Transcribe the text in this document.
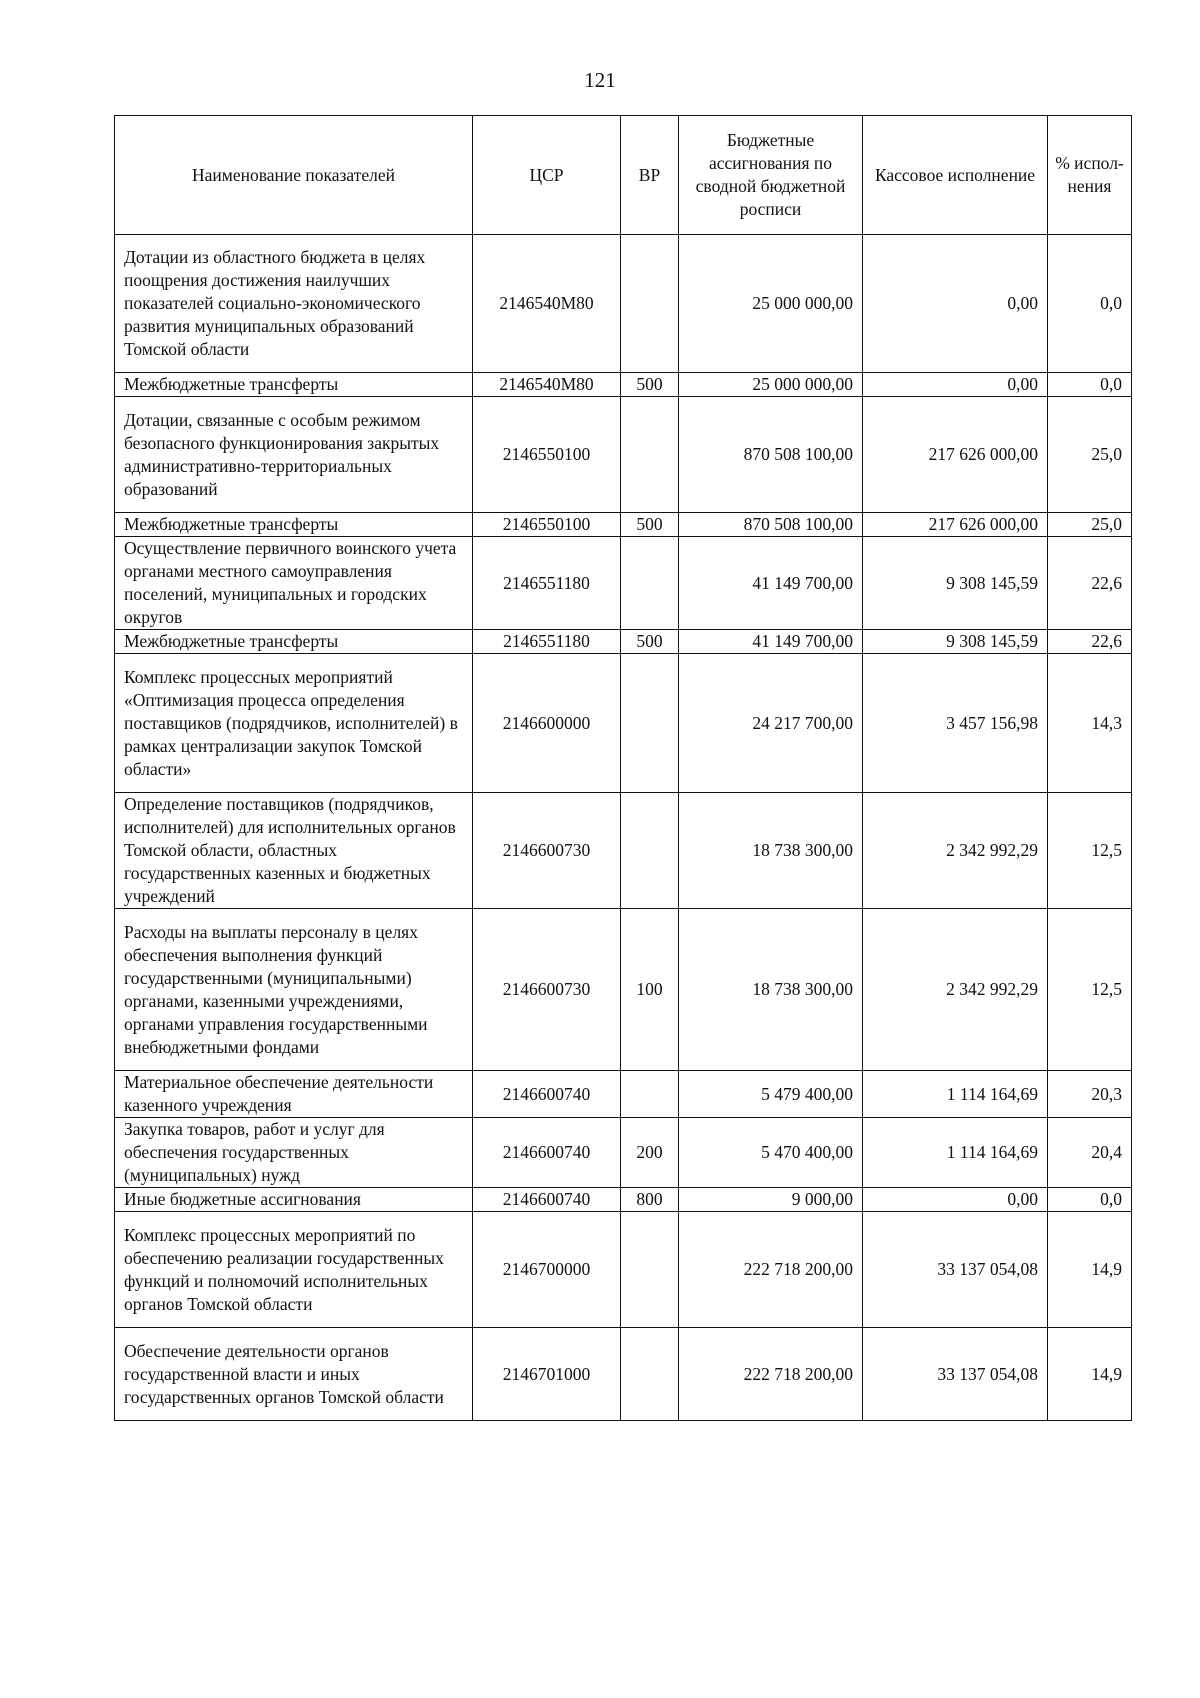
121
Наименование показателей	ЦСР	ВР	Бюджетные ассигнования по сводной бюджетной росписи	Кассовое исполнение	% испол-нения
Дотации из областного бюджета в целях поощрения достижения наилучших показателей социально-экономического развития муниципальных образований Томской области	2146540М80		25 000 000,00	0,00	0,0
Межбюджетные трансферты	2146540М80	500	25 000 000,00	0,00	0,0
Дотации, связанные с особым режимом безопасного функционирования закрытых административно-территориальных образований	2146550100		870 508 100,00	217 626 000,00	25,0
Межбюджетные трансферты	2146550100	500	870 508 100,00	217 626 000,00	25,0
Осуществление первичного воинского учета органами местного самоуправления поселений, муниципальных и городских округов	2146551180		41 149 700,00	9 308 145,59	22,6
Межбюджетные трансферты	2146551180	500	41 149 700,00	9 308 145,59	22,6
Комплекс процессных мероприятий «Оптимизация процесса определения поставщиков (подрядчиков, исполнителей) в рамках централизации закупок Томской области»	2146600000		24 217 700,00	3 457 156,98	14,3
Определение поставщиков (подрядчиков, исполнителей) для исполнительных органов Томской области, областных государственных казенных и бюджетных учреждений	2146600730		18 738 300,00	2 342 992,29	12,5
Расходы на выплаты персоналу в целях обеспечения выполнения функций государственными (муниципальными) органами, казенными учреждениями, органами управления государственными внебюджетными фондами	2146600730	100	18 738 300,00	2 342 992,29	12,5
Материальное обеспечение деятельности казенного учреждения	2146600740		5 479 400,00	1 114 164,69	20,3
Закупка товаров, работ и услуг для обеспечения государственных (муниципальных) нужд	2146600740	200	5 470 400,00	1 114 164,69	20,4
Иные бюджетные ассигнования	2146600740	800	9 000,00	0,00	0,0
Комплекс процессных мероприятий по обеспечению реализации государственных функций и полномочий исполнительных органов Томской области	2146700000		222 718 200,00	33 137 054,08	14,9
Обеспечение деятельности органов государственной власти и иных государственных органов Томской области	2146701000		222 718 200,00	33 137 054,08	14,9
